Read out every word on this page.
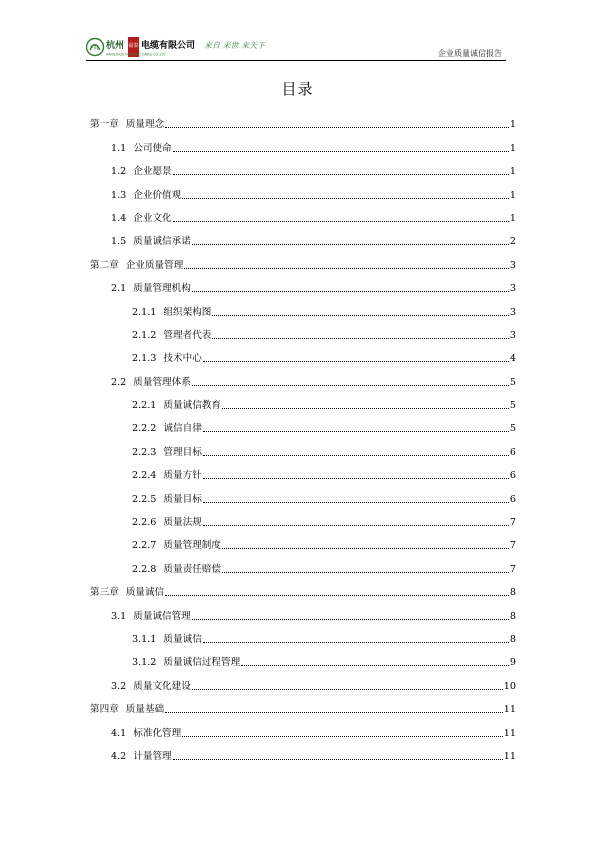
FTL 杭州 福泰 电缆有限公司
HANGZHOU FUTAIHAO CABLE CO.,LTD
来自 来世 来天下
企业质量诚信报告
目录
第一章 质量理念	1
1.1 公司使命	1
1.2 企业愿景	1
1.3 企业价值观	1
1.4 企业文化	1
1.5 质量诚信承诺	2
第二章 企业质量管理	3
2.1 质量管理机构	3
2.1.1 组织架构图	3
2.1.2 管理者代表	3
2.1.3 技术中心	4
2.2 质量管理体系	5
2.2.1 质量诚信教育	5
2.2.2 诚信自律	5
2.2.3 管理目标	6
2.2.4 质量方针	6
2.2.5 质量目标	6
2.2.6 质量法规	7
2.2.7 质量管理制度	7
2.2.8 质量责任赔偿	7
第三章 质量诚信	8
3.1 质量诚信管理	8
3.1.1 质量诚信	8
3.1.2 质量诚信过程管理	9
3.2 质量文化建设	10
第四章 质量基础	11
4.1 标准化管理	11
4.2 计量管理	11
